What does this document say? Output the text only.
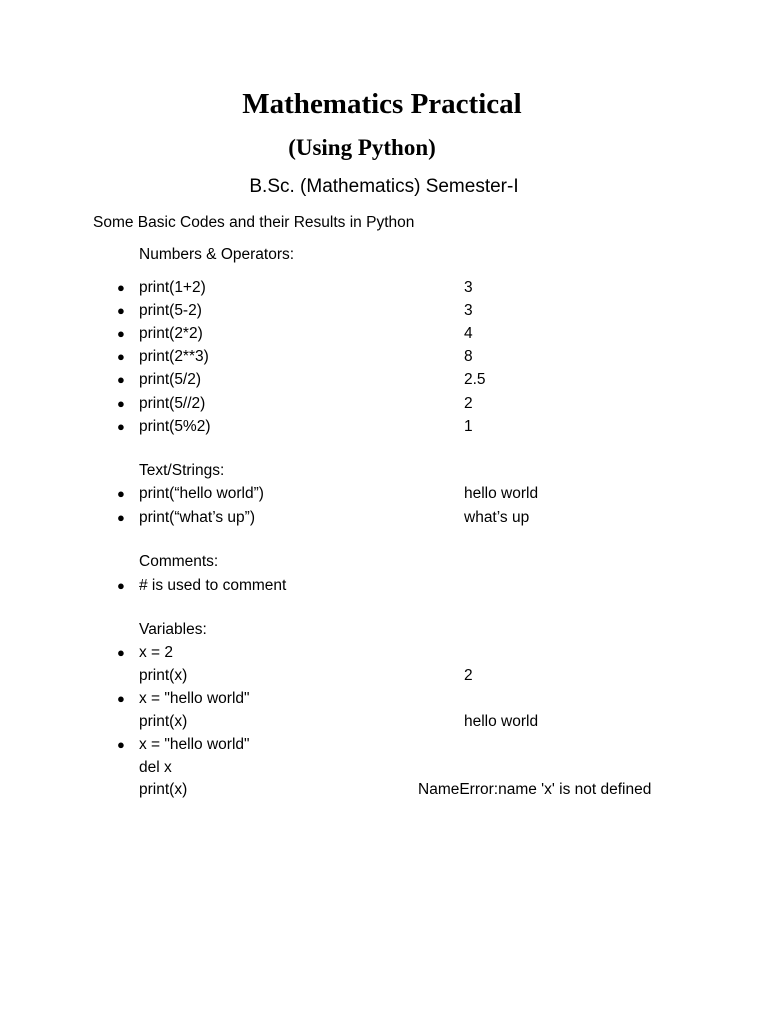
Mathematics Practical
(Using Python)
B.Sc. (Mathematics) Semester-I
Some Basic Codes and their Results in Python
Numbers & Operators:
● print(1+2)	3
● print(5-2)	3
● print(2*2)	4
● print(2**3)	8
● print(5/2)	2.5
● print(5//2)	2
● print(5%2)	1
Text/Strings:
● print(“hello world”)	hello world
● print(“what’s up”)	what’s up
Comments:
● # is used to comment
Variables:
● x = 2
print(x)	2
● x = "hello world"
print(x)	hello world
● x = "hello world"
del x
print(x)	NameError:name 'x' is not defined
